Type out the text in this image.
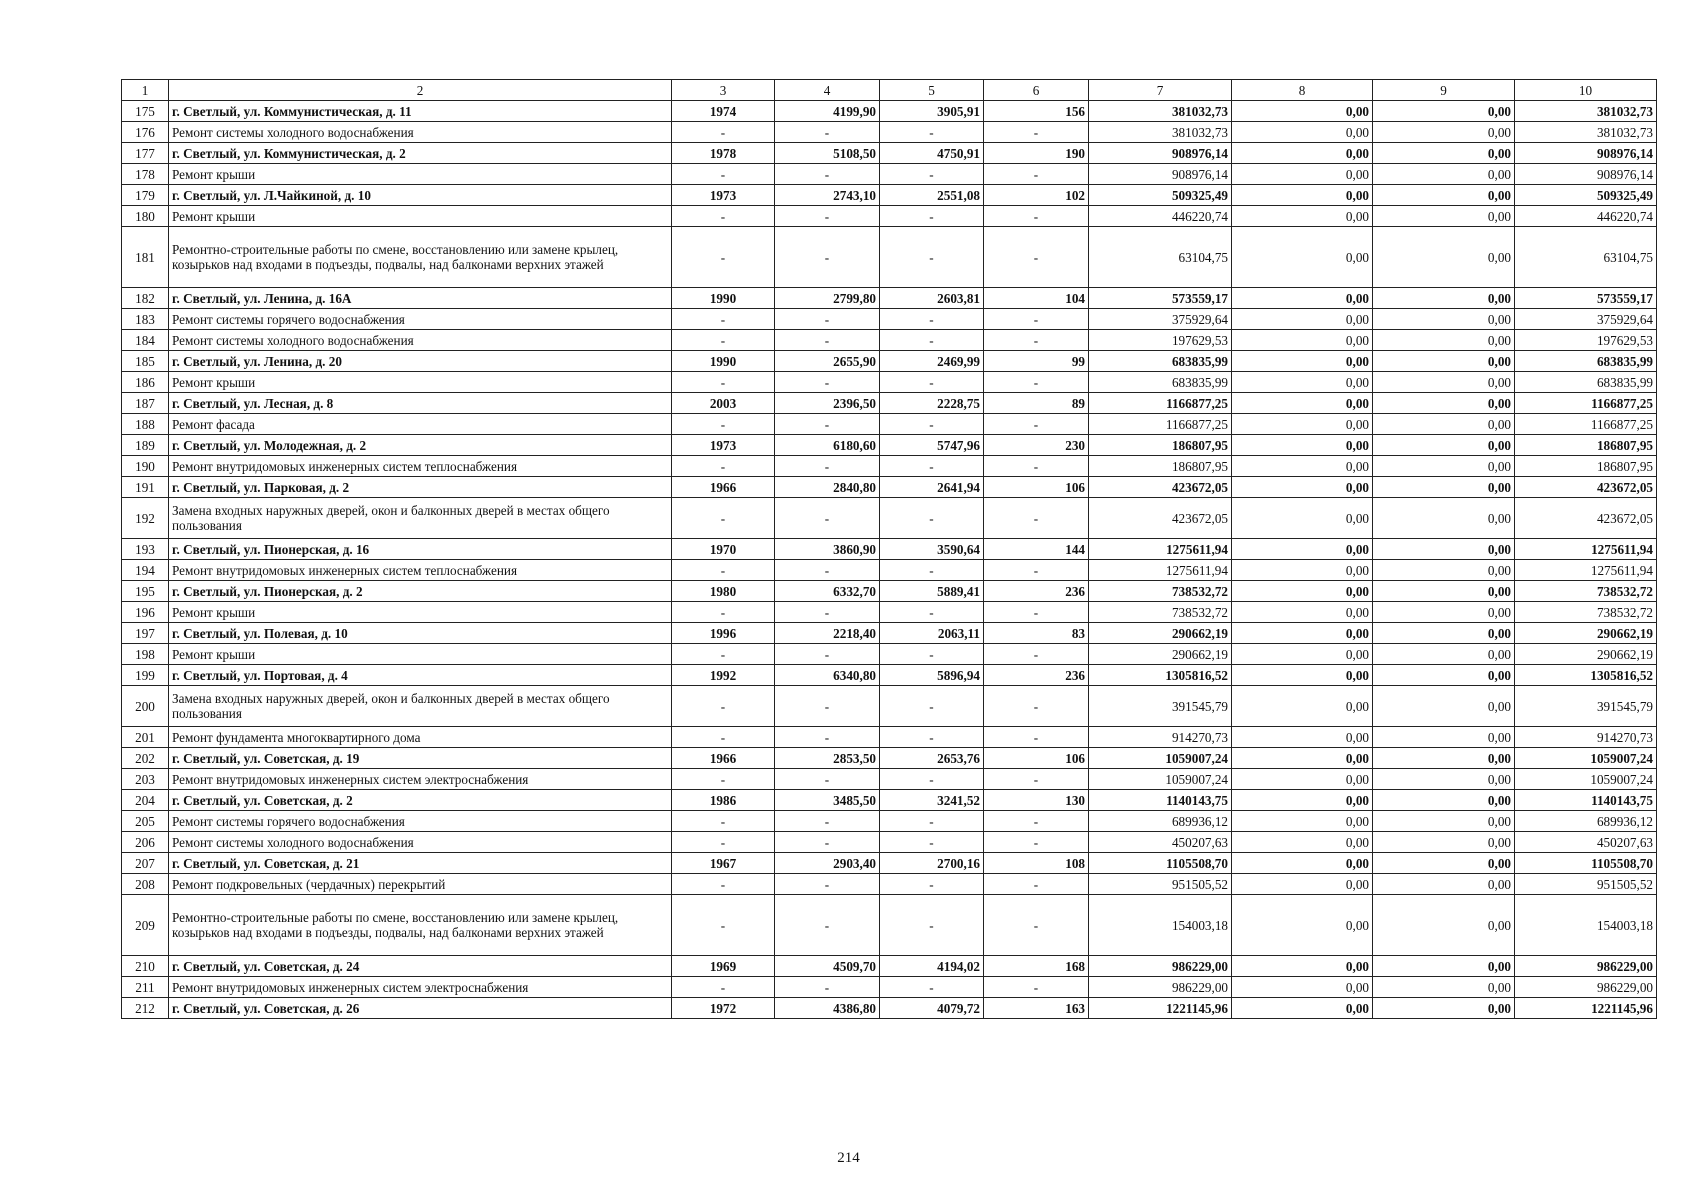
1	2	3	4	5	6	7	8	9	10
175	г. Светлый, ул. Коммунистическая, д. 11	1974	4199,90	3905,91	156	381032,73	0,00	0,00	381032,73
176	Ремонт системы холодного водоснабжения	-	-	-	-	381032,73	0,00	0,00	381032,73
177	г. Светлый, ул. Коммунистическая, д. 2	1978	5108,50	4750,91	190	908976,14	0,00	0,00	908976,14
178	Ремонт крыши	-	-	-	-	908976,14	0,00	0,00	908976,14
179	г. Светлый, ул. Л.Чайкиной, д. 10	1973	2743,10	2551,08	102	509325,49	0,00	0,00	509325,49
180	Ремонт крыши	-	-	-	-	446220,74	0,00	0,00	446220,74
181	Ремонтно-строительные работы по смене, восстановлению или замене крылец, козырьков над входами в подъезды, подвалы, над балконами верхних этажей	-	-	-	-	63104,75	0,00	0,00	63104,75
182	г. Светлый, ул. Ленина, д. 16А	1990	2799,80	2603,81	104	573559,17	0,00	0,00	573559,17
183	Ремонт системы горячего водоснабжения	-	-	-	-	375929,64	0,00	0,00	375929,64
184	Ремонт системы холодного водоснабжения	-	-	-	-	197629,53	0,00	0,00	197629,53
185	г. Светлый, ул. Ленина, д. 20	1990	2655,90	2469,99	99	683835,99	0,00	0,00	683835,99
186	Ремонт крыши	-	-	-	-	683835,99	0,00	0,00	683835,99
187	г. Светлый, ул. Лесная, д. 8	2003	2396,50	2228,75	89	1166877,25	0,00	0,00	1166877,25
188	Ремонт фасада	-	-	-	-	1166877,25	0,00	0,00	1166877,25
189	г. Светлый, ул. Молодежная, д. 2	1973	6180,60	5747,96	230	186807,95	0,00	0,00	186807,95
190	Ремонт внутридомовых инженерных систем теплоснабжения	-	-	-	-	186807,95	0,00	0,00	186807,95
191	г. Светлый, ул. Парковая, д. 2	1966	2840,80	2641,94	106	423672,05	0,00	0,00	423672,05
192	Замена входных наружных дверей, окон и балконных дверей в местах общего пользования	-	-	-	-	423672,05	0,00	0,00	423672,05
193	г. Светлый, ул. Пионерская, д. 16	1970	3860,90	3590,64	144	1275611,94	0,00	0,00	1275611,94
194	Ремонт внутридомовых инженерных систем теплоснабжения	-	-	-	-	1275611,94	0,00	0,00	1275611,94
195	г. Светлый, ул. Пионерская, д. 2	1980	6332,70	5889,41	236	738532,72	0,00	0,00	738532,72
196	Ремонт крыши	-	-	-	-	738532,72	0,00	0,00	738532,72
197	г. Светлый, ул. Полевая, д. 10	1996	2218,40	2063,11	83	290662,19	0,00	0,00	290662,19
198	Ремонт крыши	-	-	-	-	290662,19	0,00	0,00	290662,19
199	г. Светлый, ул. Портовая, д. 4	1992	6340,80	5896,94	236	1305816,52	0,00	0,00	1305816,52
200	Замена входных наружных дверей, окон и балконных дверей в местах общего пользования	-	-	-	-	391545,79	0,00	0,00	391545,79
201	Ремонт фундамента многоквартирного дома	-	-	-	-	914270,73	0,00	0,00	914270,73
202	г. Светлый, ул. Советская, д. 19	1966	2853,50	2653,76	106	1059007,24	0,00	0,00	1059007,24
203	Ремонт внутридомовых инженерных систем электроснабжения	-	-	-	-	1059007,24	0,00	0,00	1059007,24
204	г. Светлый, ул. Советская, д. 2	1986	3485,50	3241,52	130	1140143,75	0,00	0,00	1140143,75
205	Ремонт системы горячего водоснабжения	-	-	-	-	689936,12	0,00	0,00	689936,12
206	Ремонт системы холодного водоснабжения	-	-	-	-	450207,63	0,00	0,00	450207,63
207	г. Светлый, ул. Советская, д. 21	1967	2903,40	2700,16	108	1105508,70	0,00	0,00	1105508,70
208	Ремонт подкровельных (чердачных) перекрытий	-	-	-	-	951505,52	0,00	0,00	951505,52
209	Ремонтно-строительные работы по смене, восстановлению или замене крылец, козырьков над входами в подъезды, подвалы, над балконами верхних этажей	-	-	-	-	154003,18	0,00	0,00	154003,18
210	г. Светлый, ул. Советская, д. 24	1969	4509,70	4194,02	168	986229,00	0,00	0,00	986229,00
211	Ремонт внутридомовых инженерных систем электроснабжения	-	-	-	-	986229,00	0,00	0,00	986229,00
212	г. Светлый, ул. Советская, д. 26	1972	4386,80	4079,72	163	1221145,96	0,00	0,00	1221145,96
214
